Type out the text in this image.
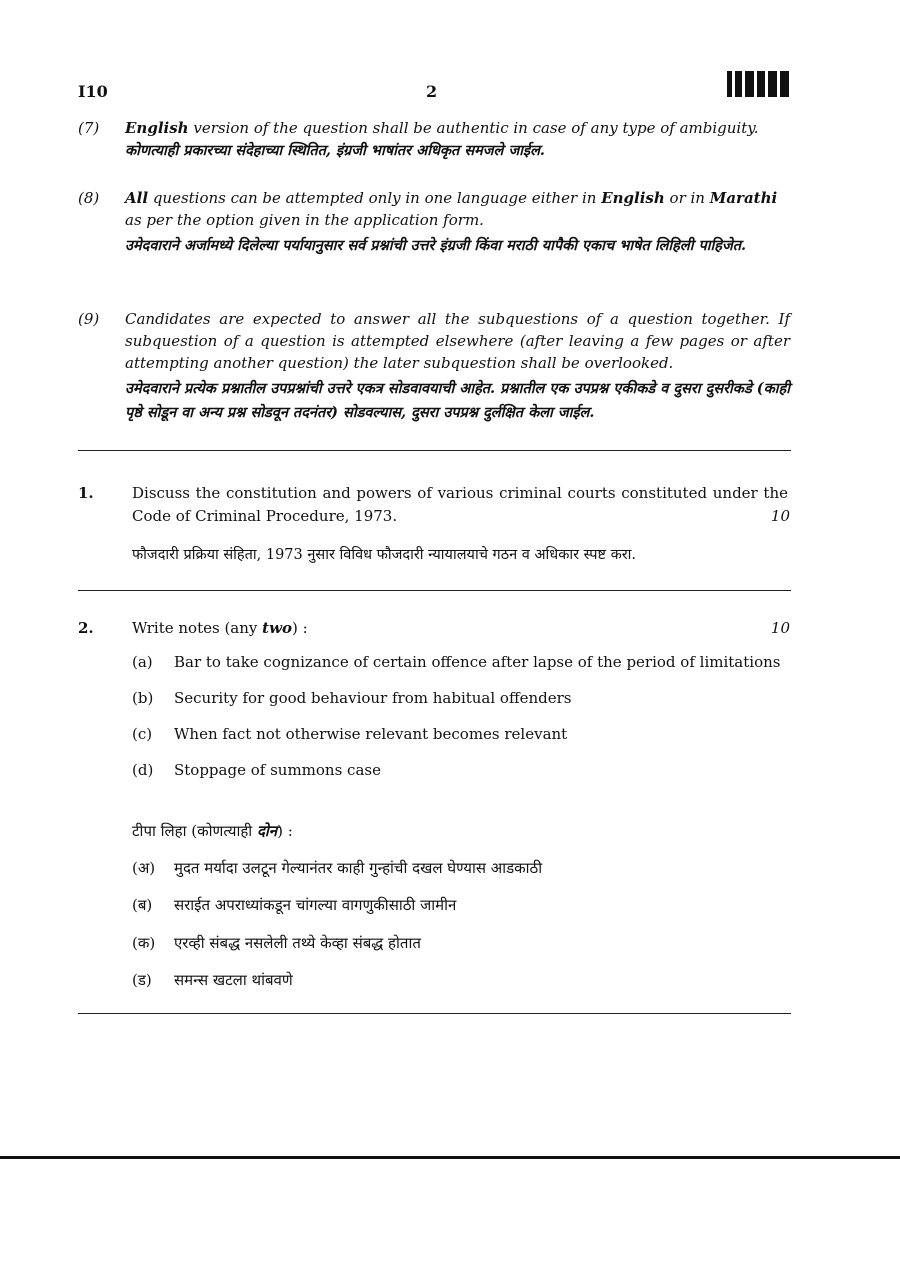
I10	2
(7) English version of the question shall be authentic in case of any type of ambiguity.
कोणत्याही प्रकारच्या संदेहाच्या स्थितित, इंग्रजी भाषांतर अधिकृत समजले जाईल.
(8) All questions can be attempted only in one language either in English or in Marathi
as per the option given in the application form.
उमेदवाराने अर्जामध्ये दिलेल्या पर्यायानुसार सर्व प्रश्नांची उत्तरे इंग्रजी किंवा मराठी यापैकी एकाच भाषेत लिहिली पाहिजेत.
(9) Candidates are expected to answer all the subquestions of a question together. If subquestion of a question is attempted elsewhere (after leaving a few pages or after attempting another question) the later subquestion shall be overlooked.
उमेदवाराने प्रत्येक प्रश्नातील उपप्रश्नांची उत्तरे एकत्र सोडवावयाची आहेत. प्रश्नातील एक उपप्रश्न एकीकडे व दुसरा दुसरीकडे (काही पृष्ठे सोडून वा अन्य प्रश्न सोडवून तदनंतर) सोडवल्यास, दुसरा उपप्रश्न दुर्लक्षित केला जाईल.
1.	Discuss the constitution and powers of various criminal courts constituted under the Code of Criminal Procedure, 1973.	10
फौजदारी प्रक्रिया संहिता, 1973 नुसार विविध फौजदारी न्यायालयाचे गठन व अधिकार स्पष्ट करा.
2.	Write notes (any two) :	10
(a) Bar to take cognizance of certain offence after lapse of the period of limitations
(b) Security for good behaviour from habitual offenders
(c) When fact not otherwise relevant becomes relevant
(d) Stoppage of summons case
टीपा लिहा (कोणत्याही दोन) :
(अ) मुदत मर्यादा उलटून गेल्यानंतर काही गुन्हांची दखल घेण्यास आडकाठी
(ब) सराईत अपराध्यांकडून चांगल्या वागणुकीसाठी जामीन
(क) एरव्ही संबद्ध नसलेली तथ्ये केव्हा संबद्ध होतात
(ड) समन्स खटला थांबवणे
